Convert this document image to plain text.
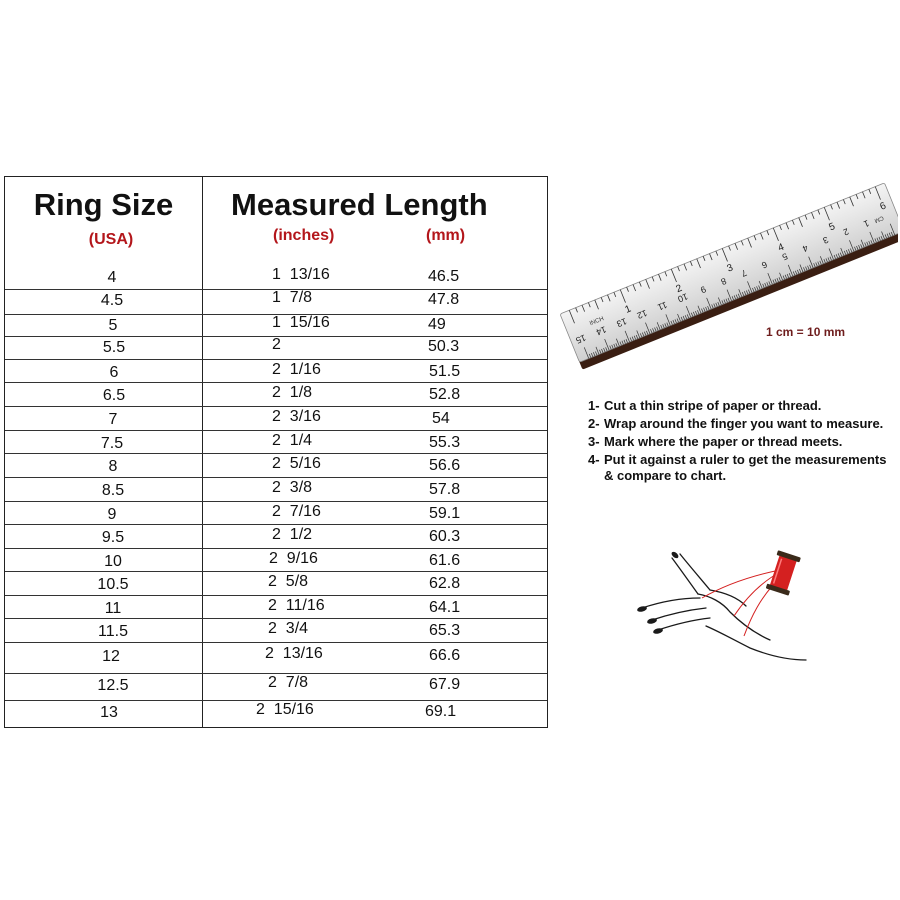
Ring Size
(USA)
Measured Length
(inches)	(mm)
4	1  13/16	46.5
4.5	1  7/8	47.8
5	1  15/16	49
5.5	2	50.3
6	2  1/16	51.5
6.5	2  1/8	52.8
7	2  3/16	54
7.5	2  1/4	55.3
8	2  5/16	56.6
8.5	2  3/8	57.8
9	2  7/16	59.1
9.5	2  1/2	60.3
10	2  9/16	61.6
10.5	2  5/8	62.8
11	2  11/16	64.1
11.5	2  3/4	65.3
12	2  13/16	66.6
12.5	2  7/8	67.9
13	2  15/16	69.1
INCH
1
2
3
4
5
6
1
2
3
4
5
6
7
8
9
10
11
12
13
14
15
CM
1 cm = 10 mm
1- Cut a thin stripe of paper or thread.
2- Wrap around the finger you want to measure.
3- Mark where the paper or thread meets.
4- Put it against a ruler to get the measurements & compare to chart.
